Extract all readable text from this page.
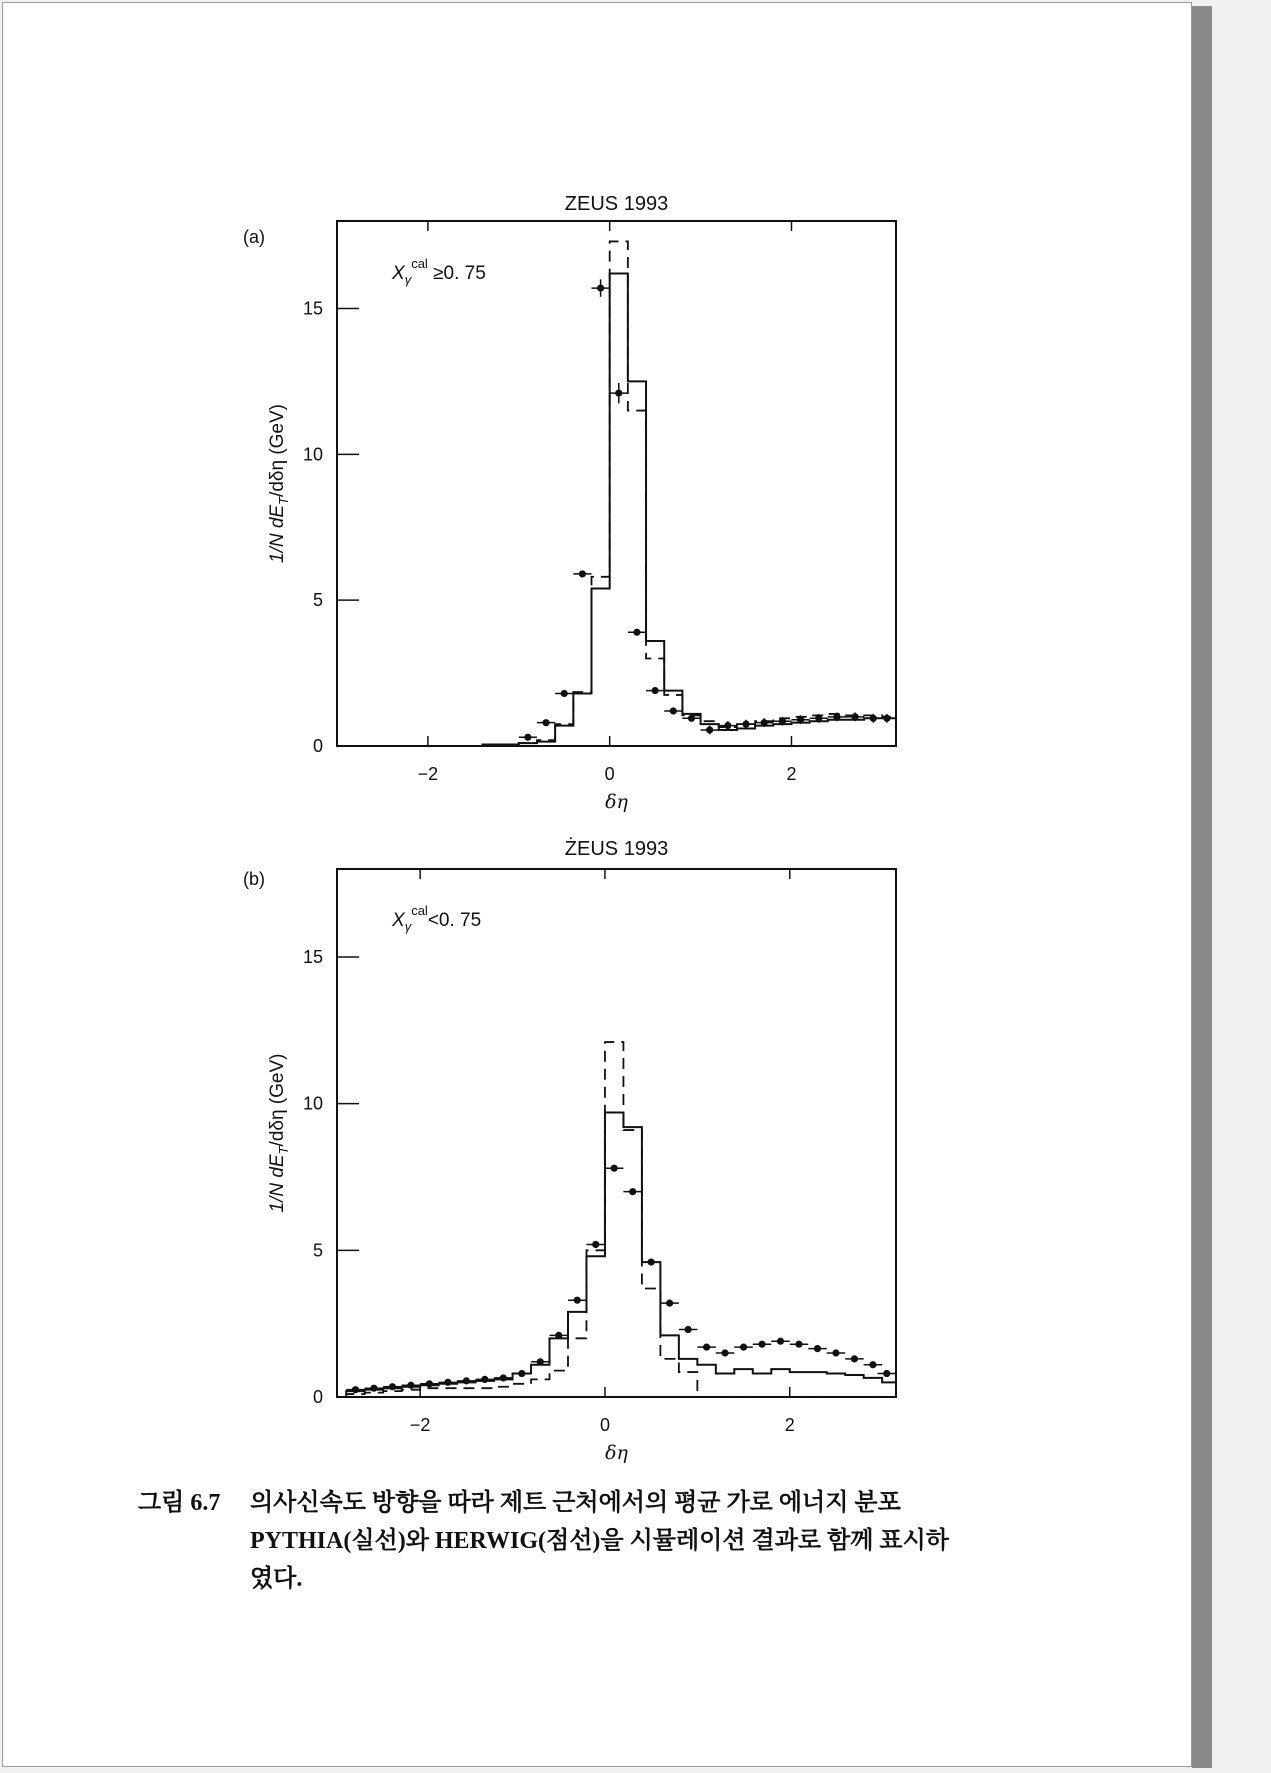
−2	0	2
0
5
10
15
ZEUS 1993
(a)
$X_\gamma^{cal} \ge 0$. 75
δη
1/N $dE_T$/dδη (GeV)
−2	0	2
0
5
10
15
ŻEUS 1993
(b)
$X_\gamma^{cal}<0$. 75
δη
1/N $dE_T$/dδη (GeV)
그림 6.7 의사신속도 방향을 따라 제트 근처에서의 평균 가로 에너지 분포
PYTHIA(실선)와 HERWIG(점선)을 시뮬레이션 결과로 함께 표시하
였다.
